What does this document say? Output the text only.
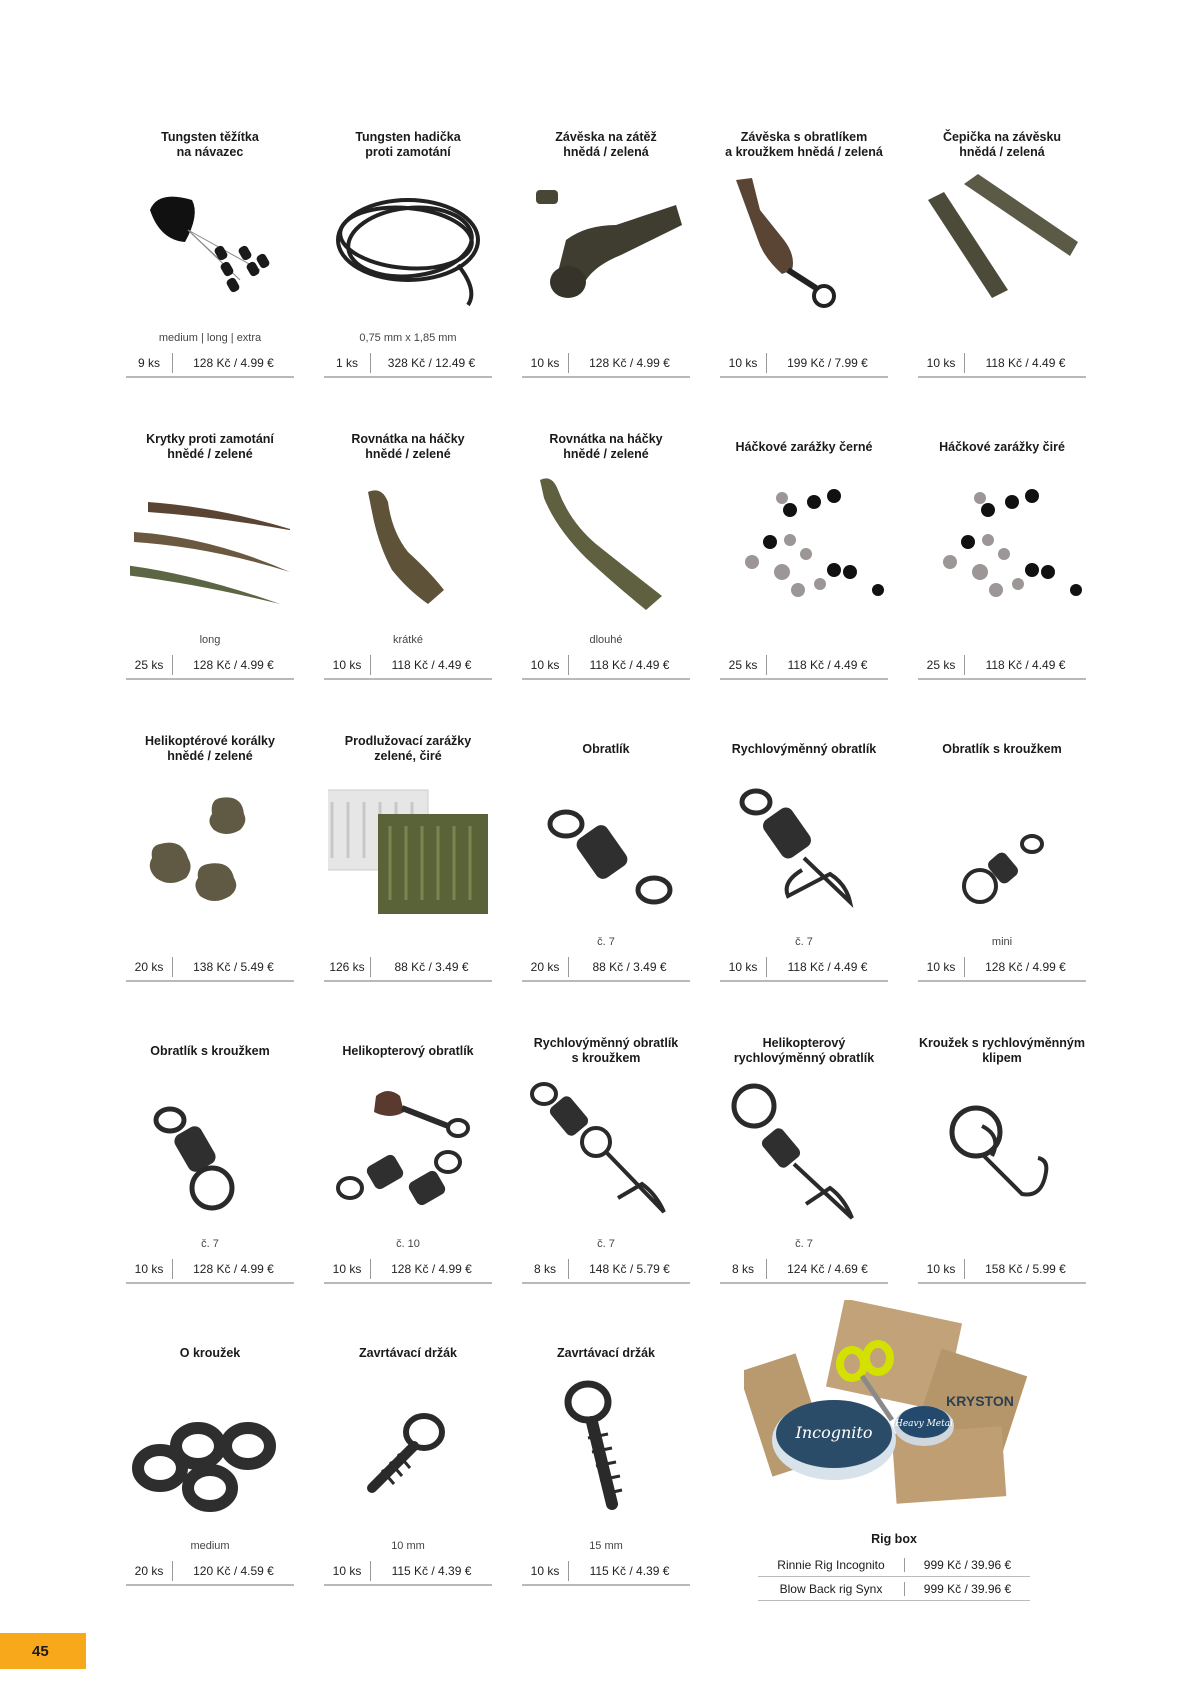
Tungsten těžítka
na návazec
medium | long | extra
9 ks	128 Kč / 4.99 €
Tungsten hadička
proti zamotání
0,75 mm x 1,85 mm
1 ks	328 Kč / 12.49 €
Závěska na zátěž
hnědá / zelená
10 ks	128 Kč / 4.99 €
Závěska s obratlíkem
a kroužkem hnědá / zelená
10 ks	199 Kč / 7.99 €
Čepička na závěsku
hnědá / zelená
10 ks	118 Kč / 4.49 €
Krytky proti zamotání
hnědé / zelené
long
25 ks	128 Kč / 4.99 €
Rovnátka na háčky
hnědé / zelené
krátké
10 ks	118 Kč / 4.49 €
Rovnátka na háčky
hnědé / zelené
dlouhé
10 ks	118 Kč / 4.49 €
Háčkové zarážky černé
25 ks	118 Kč / 4.49 €
Háčkové zarážky čiré
25 ks	118 Kč / 4.49 €
Helikoptérové korálky
hnědé / zelené
20 ks	138 Kč / 5.49 €
Prodlužovací zarážky
zelené, čiré
126 ks	88 Kč / 3.49 €
Obratlík
č. 7
20 ks	88 Kč / 3.49 €
Rychlovýměnný obratlík
č. 7
10 ks	118 Kč / 4.49 €
Obratlík s kroužkem
mini
10 ks	128 Kč / 4.99 €
Obratlík s kroužkem
č. 7
10 ks	128 Kč / 4.99 €
Helikopterový obratlík
č. 10
10 ks	128 Kč / 4.99 €
Rychlovýměnný obratlík
s kroužkem
č. 7
8 ks	148 Kč / 5.79 €
Helikopterový
rychlovýměnný obratlík
č. 7
8 ks	124 Kč / 4.69 €
Kroužek s rychlovýměnným
klipem
10 ks	158 Kč / 5.99 €
O kroužek
medium
20 ks	120 Kč / 4.59 €
Zavrtávací držák
10 mm
10 ks	115 Kč / 4.39 €
Zavrtávací držák
15 mm
10 ks	115 Kč / 4.39 €
Incognito	Heavy Metal
KRYSTON
Rig box
Rinnie Rig Incognito	999 Kč / 39.96 €
Blow Back rig Synx	999 Kč / 39.96 €
45
